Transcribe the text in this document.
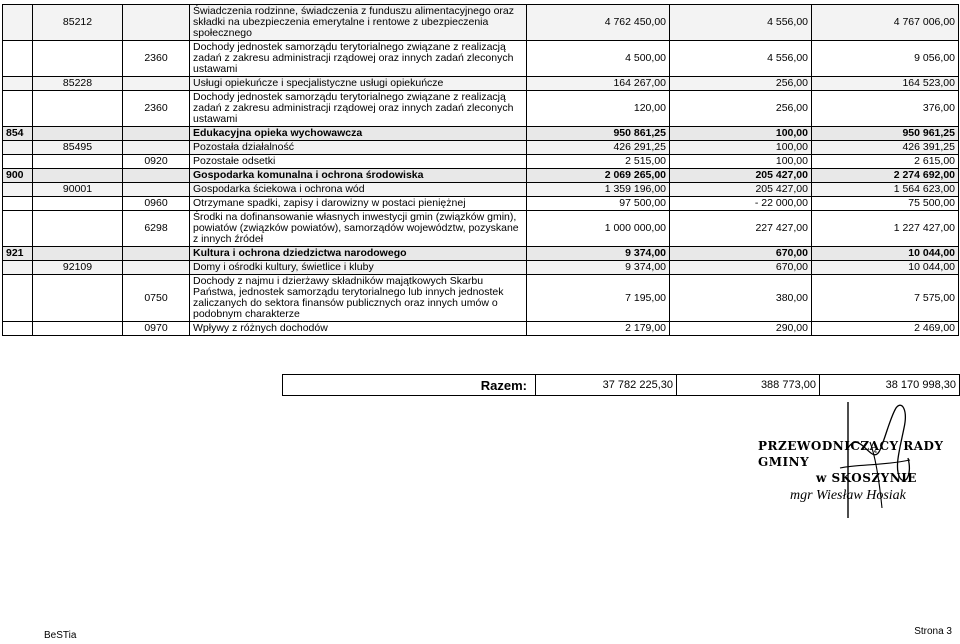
	85212		Świadczenia rodzinne, świadczenia z funduszu alimentacyjnego oraz składki na ubezpieczenia emerytalne i rentowe z ubezpieczenia społecznego	4 762 450,00	4 556,00	4 767 006,00
		2360	Dochody jednostek samorządu terytorialnego związane z realizacją zadań z zakresu administracji rządowej oraz innych zadań zleconych ustawami	4 500,00	4 556,00	9 056,00
	85228		Usługi opiekuńcze i specjalistyczne usługi opiekuńcze	164 267,00	256,00	164 523,00
		2360	Dochody jednostek samorządu terytorialnego związane z realizacją zadań z zakresu administracji rządowej oraz innych zadań zleconych ustawami	120,00	256,00	376,00
854			Edukacyjna opieka wychowawcza	950 861,25	100,00	950 961,25
	85495		Pozostała działalność	426 291,25	100,00	426 391,25
		0920	Pozostałe odsetki	2 515,00	100,00	2 615,00
900			Gospodarka komunalna i ochrona środowiska	2 069 265,00	205 427,00	2 274 692,00
	90001		Gospodarka ściekowa i ochrona wód	1 359 196,00	205 427,00	1 564 623,00
		0960	Otrzymane spadki, zapisy i darowizny w postaci pieniężnej	97 500,00	- 22 000,00	75 500,00
		6298	Środki na dofinansowanie własnych inwestycji gmin (związków gmin), powiatów (związków powiatów), samorządów województw, pozyskane z innych źródeł	1 000 000,00	227 427,00	1 227 427,00
921			Kultura i ochrona dziedzictwa narodowego	9 374,00	670,00	10 044,00
	92109		Domy i ośrodki kultury, świetlice i kluby	9 374,00	670,00	10 044,00
		0750	Dochody z najmu i dzierżawy składników majątkowych Skarbu Państwa, jednostek samorządu terytorialnego lub innych jednostek zaliczanych do sektora finansów publicznych oraz innych umów o podobnym charakterze	7 195,00	380,00	7 575,00
		0970	Wpływy z różnych dochodów	2 179,00	290,00	2 469,00
Razem:	37 782 225,30	388 773,00	38 170 998,30
PRZEWODNICZĄCY RADY GMINY
w SKOSZYNIE
mgr Wiesław Hosiak
BeSTia	Strona 3
